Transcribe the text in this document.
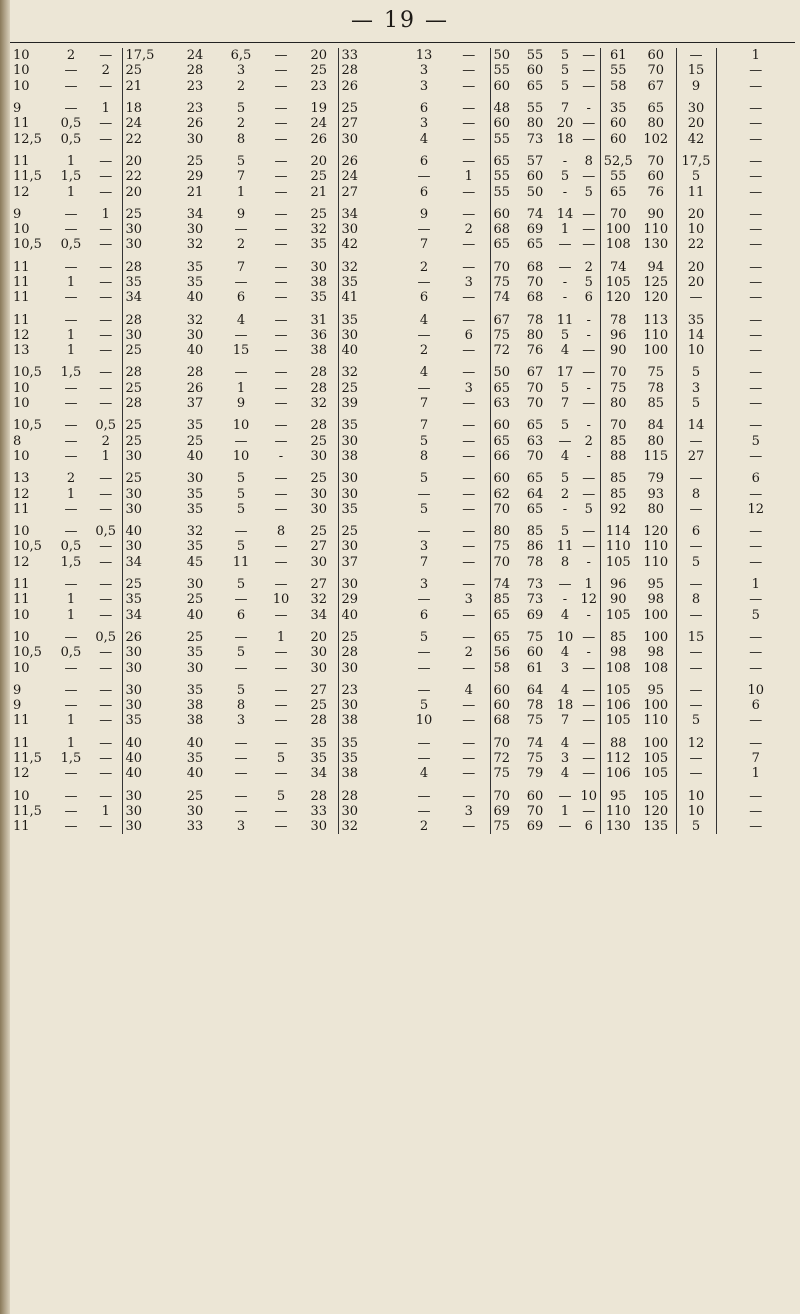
— 19 —
10	2	—	17,5	24	6,5	—	20	33	13	—	50	55	5	—	61	60	—	1
10	—	2	25	28	3	—	25	28	3	—	55	60	5	—	55	70	15	—
10	—	—	21	23	2	—	23	26	3	—	60	65	5	—	58	67	9	—

9	—	1	18	23	5	—	19	25	6	—	48	55	7	-	35	65	30	—
11	0,5	—	24	26	2	—	24	27	3	—	60	80	20	—	60	80	20	—
12,5	0,5	—	22	30	8	—	26	30	4	—	55	73	18	—	60	102	42	—

11	1	—	20	25	5	—	20	26	6	—	65	57	-	8	52,5	70	17,5	—
11,5	1,5	—	22	29	7	—	25	24	—	1	55	60	5	—	55	60	5	—
12	1	—	20	21	1	—	21	27	6	—	55	50	-	5	65	76	11	—

9	—	1	25	34	9	—	25	34	9	—	60	74	14	—	70	90	20	—
10	—	—	30	30	—	—	32	30	—	2	68	69	1	—	100	110	10	—
10,5	0,5	—	30	32	2	—	35	42	7	—	65	65	—	—	108	130	22	—

11	—	—	28	35	7	—	30	32	2	—	70	68	—	2	74	94	20	—
11	1	—	35	35	—	—	38	35	—	3	75	70	-	5	105	125	20	—
11	—	—	34	40	6	—	35	41	6	—	74	68	-	6	120	120	—	—

11	—	—	28	32	4	—	31	35	4	—	67	78	11	-	78	113	35	—
12	1	—	30	30	—	—	36	30	—	6	75	80	5	-	96	110	14	—
13	1	—	25	40	15	—	38	40	2	—	72	76	4	—	90	100	10	—

10,5	1,5	—	28	28	—	—	28	32	4	—	50	67	17	—	70	75	5	—
10	—	—	25	26	1	—	28	25	—	3	65	70	5	-	75	78	3	—
10	—	—	28	37	9	—	32	39	7	—	63	70	7	—	80	85	5	—

10,5	—	0,5	25	35	10	—	28	35	7	—	60	65	5	-	70	84	14	—
8	—	2	25	25	—	—	25	30	5	—	65	63	—	2	85	80	—	5
10	—	1	30	40	10	-	30	38	8	—	66	70	4	-	88	115	27	—

13	2	—	25	30	5	—	25	30	5	—	60	65	5	—	85	79	—	6
12	1	—	30	35	5	—	30	30	—	—	62	64	2	—	85	93	8	—
11	—	—	30	35	5	—	30	35	5	—	70	65	-	5	92	80	—	12

10	—	0,5	40	32	—	8	25	25	—	—	80	85	5	—	114	120	6	—
10,5	0,5	—	30	35	5	—	27	30	3	—	75	86	11	—	110	110	—	—
12	1,5	—	34	45	11	—	30	37	7	—	70	78	8	-	105	110	5	—

11	—	—	25	30	5	—	27	30	3	—	74	73	—	1	96	95	—	1
11	1	—	35	25	—	10	32	29	—	3	85	73	-	12	90	98	8	—
10	1	—	34	40	6	—	34	40	6	—	65	69	4	-	105	100	—	5

10	—	0,5	26	25	—	1	20	25	5	—	65	75	10	—	85	100	15	—
10,5	0,5	—	30	35	5	—	30	28	—	2	56	60	4	-	98	98	—	—
10	—	—	30	30	—	—	30	30	—	—	58	61	3	—	108	108	—	—

9	—	—	30	35	5	—	27	23	—	4	60	64	4	—	105	95	—	10
9	—	—	30	38	8	—	25	30	5	—	60	78	18	—	106	100	—	6
11	1	—	35	38	3	—	28	38	10	—	68	75	7	—	105	110	5	—

11	1	—	40	40	—	—	35	35	—	—	70	74	4	—	88	100	12	—
11,5	1,5	—	40	35	—	5	35	35	—	—	72	75	3	—	112	105	—	7
12	—	—	40	40	—	—	34	38	4	—	75	79	4	—	106	105	—	1

10	—	—	30	25	—	5	28	28	—	—	70	60	—	10	95	105	10	—
11,5	—	1	30	30	—	—	33	30	—	3	69	70	1	—	110	120	10	—
11	—	—	30	33	3	—	30	32	2	—	75	69	—	6	130	135	5	—
